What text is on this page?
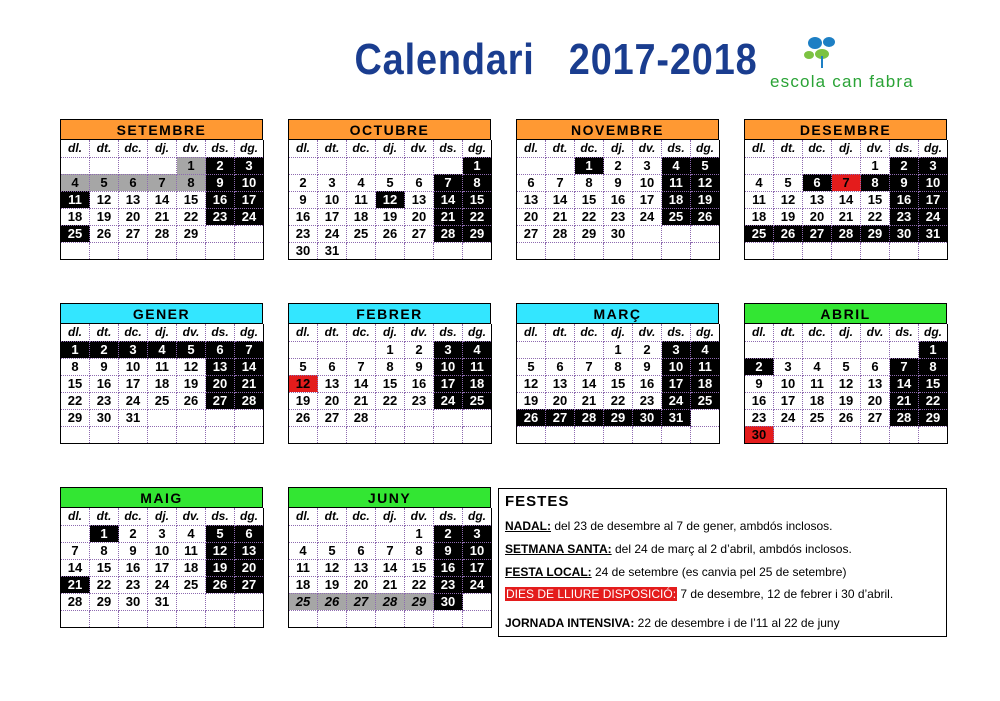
Calendari   2017-2018 escola can fabra
SETEMBRE
dl.	dt.	dc.	dj.	dv.	ds.	dg.
				1	2	3
4	5	6	7	8	9	10
11	12	13	14	15	16	17
18	19	20	21	22	23	24
25	26	27	28	29		

OCTUBRE
dl.	dt.	dc.	dj.	dv.	ds.	dg.
						1
2	3	4	5	6	7	8
9	10	11	12	13	14	15
16	17	18	19	20	21	22
23	24	25	26	27	28	29
30	31					
NOVEMBRE
dl.	dt.	dc.	dj.	dv.	ds.	dg.
		1	2	3	4	5
6	7	8	9	10	11	12
13	14	15	16	17	18	19
20	21	22	23	24	25	26
27	28	29	30			

DESEMBRE
dl.	dt.	dc.	dj.	dv.	ds.	dg.
				1	2	3
4	5	6	7	8	9	10
11	12	13	14	15	16	17
18	19	20	21	22	23	24
25	26	27	28	29	30	31

GENER
dl.	dt.	dc.	dj.	dv.	ds.	dg.
1	2	3	4	5	6	7
8	9	10	11	12	13	14
15	16	17	18	19	20	21
22	23	24	25	26	27	28
29	30	31				

FEBRER
dl.	dt.	dc.	dj.	dv.	ds.	dg.
			1	2	3	4
5	6	7	8	9	10	11
12	13	14	15	16	17	18
19	20	21	22	23	24	25
26	27	28				

MARÇ
dl.	dt.	dc.	dj.	dv.	ds.	dg.
			1	2	3	4
5	6	7	8	9	10	11
12	13	14	15	16	17	18
19	20	21	22	23	24	25
26	27	28	29	30	31	

ABRIL
dl.	dt.	dc.	dj.	dv.	ds.	dg.
						1
2	3	4	5	6	7	8
9	10	11	12	13	14	15
16	17	18	19	20	21	22
23	24	25	26	27	28	29
30						
MAIG
dl.	dt.	dc.	dj.	dv.	ds.	dg.
	1	2	3	4	5	6
7	8	9	10	11	12	13
14	15	16	17	18	19	20
21	22	23	24	25	26	27
28	29	30	31			

JUNY
dl.	dt.	dc.	dj.	dv.	ds.	dg.
				1	2	3
4	5	6	7	8	9	10
11	12	13	14	15	16	17
18	19	20	21	22	23	24
25	26	27	28	29	30	

FESTES
NADAL: del 23 de desembre al 7 de gener, ambdós inclosos.
SETMANA SANTA: del 24 de març al 2 d’abril, ambdós inclosos.
FESTA LOCAL: 24 de setembre (es canvia pel 25 de setembre)
DIES DE LLIURE DISPOSICIÓ: 7 de desembre, 12 de febrer i 30 d’abril.
JORNADA INTENSIVA: 22 de desembre i de l’11 al 22 de juny
